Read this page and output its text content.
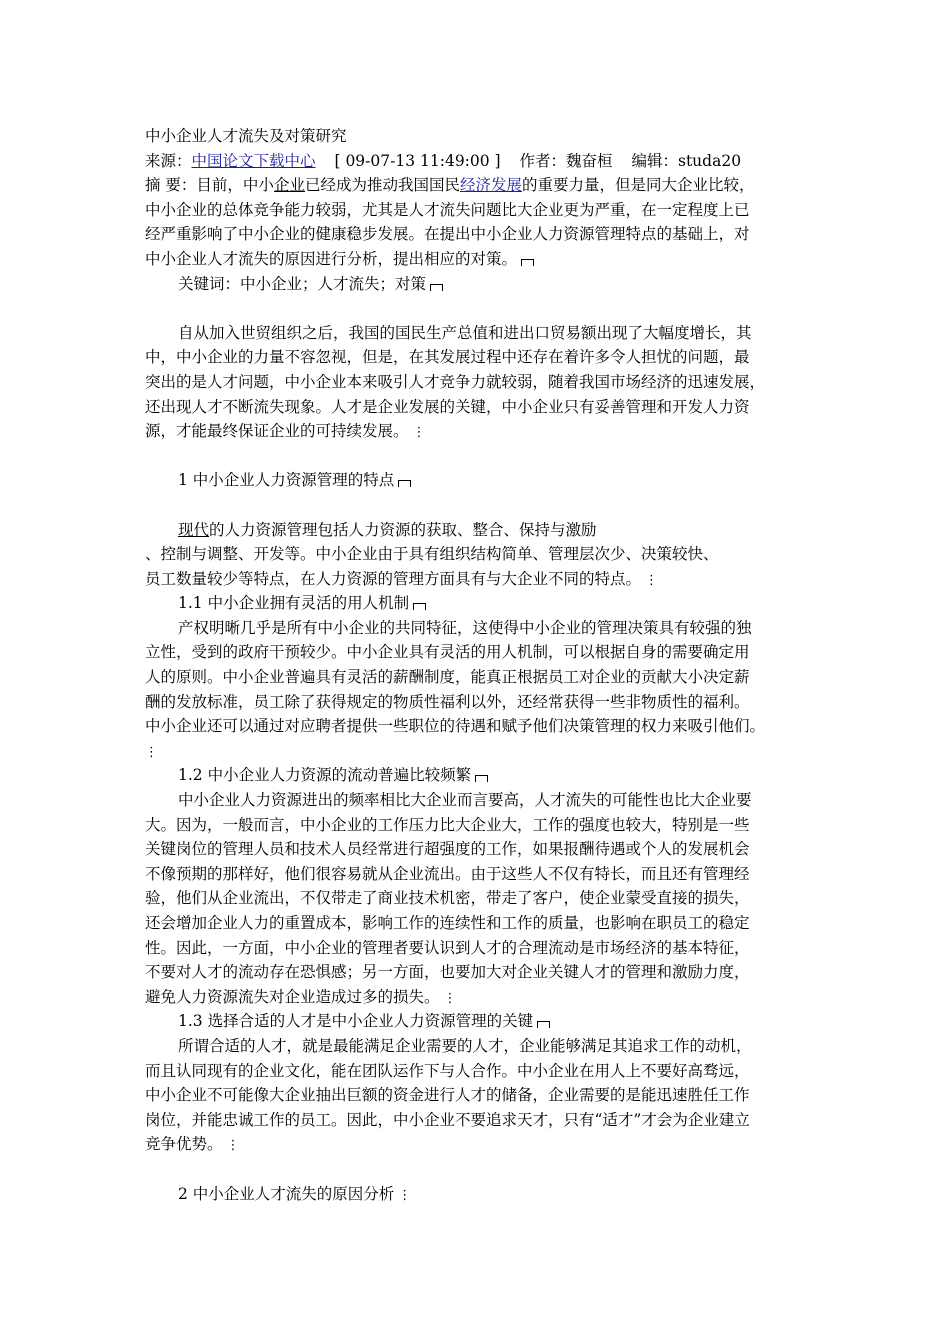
中小企业人才流失及对策研究
来源：中国论文下载中心 [ 09-07-13 11:49:00 ] 作者：魏奋桓 编辑：studa20
摘 要：目前，中小企业已经成为推动我国国民经济发展的重要力量，但是同大企业比较，
中小企业的总体竞争能力较弱，尤其是人才流失问题比大企业更为严重，在一定程度上已
经严重影响了中小企业的健康稳步发展。在提出中小企业人力资源管理特点的基础上，对
中小企业人才流失的原因进行分析，提出相应的对策。
关键词：中小企业；人才流失；对策
自从加入世贸组织之后，我国的国民生产总值和进出口贸易额出现了大幅度增长，其
中，中小企业的力量不容忽视，但是，在其发展过程中还存在着许多令人担忧的问题，最
突出的是人才问题，中小企业本来吸引人才竞争力就较弱，随着我国市场经济的迅速发展，
还出现人才不断流失现象。人才是企业发展的关键，中小企业只有妥善管理和开发人力资
源，才能最终保证企业的可持续发展。 ⋮
1 中小企业人力资源管理的特点
现代的人力资源管理包括人力资源的获取、整合、保持与激励
、控制与调整、开发等。中小企业由于具有组织结构简单、管理层次少、决策较快、
员工数量较少等特点，在人力资源的管理方面具有与大企业不同的特点。 ⋮
1.1 中小企业拥有灵活的用人机制
产权明晰几乎是所有中小企业的共同特征，这使得中小企业的管理决策具有较强的独
立性，受到的政府干预较少。中小企业具有灵活的用人机制，可以根据自身的需要确定用
人的原则。中小企业普遍具有灵活的薪酬制度，能真正根据员工对企业的贡献大小决定薪
酬的发放标准，员工除了获得规定的物质性福利以外，还经常获得一些非物质性的福利。
中小企业还可以通过对应聘者提供一些职位的待遇和赋予他们决策管理的权力来吸引他们。
⋮
1.2 中小企业人力资源的流动普遍比较频繁
中小企业人力资源进出的频率相比大企业而言要高，人才流失的可能性也比大企业要
大。因为，一般而言，中小企业的工作压力比大企业大，工作的强度也较大，特别是一些
关键岗位的管理人员和技术人员经常进行超强度的工作，如果报酬待遇或个人的发展机会
不像预期的那样好，他们很容易就从企业流出。由于这些人不仅有特长，而且还有管理经
验，他们从企业流出，不仅带走了商业技术机密，带走了客户，使企业蒙受直接的损失，
还会增加企业人力的重置成本，影响工作的连续性和工作的质量，也影响在职员工的稳定
性。因此，一方面，中小企业的管理者要认识到人才的合理流动是市场经济的基本特征，
不要对人才的流动存在恐惧感；另一方面，也要加大对企业关键人才的管理和激励力度，
避免人力资源流失对企业造成过多的损失。 ⋮
1.3 选择合适的人才是中小企业人力资源管理的关键
所谓合适的人才，就是最能满足企业需要的人才，企业能够满足其追求工作的动机，
而且认同现有的企业文化，能在团队运作下与人合作。中小企业在用人上不要好高骛远，
中小企业不可能像大企业抽出巨额的资金进行人才的储备，企业需要的是能迅速胜任工作
岗位，并能忠诚工作的员工。因此，中小企业不要追求天才，只有“适才”才会为企业建立
竞争优势。 ⋮
2 中小企业人才流失的原因分析 ⋮
